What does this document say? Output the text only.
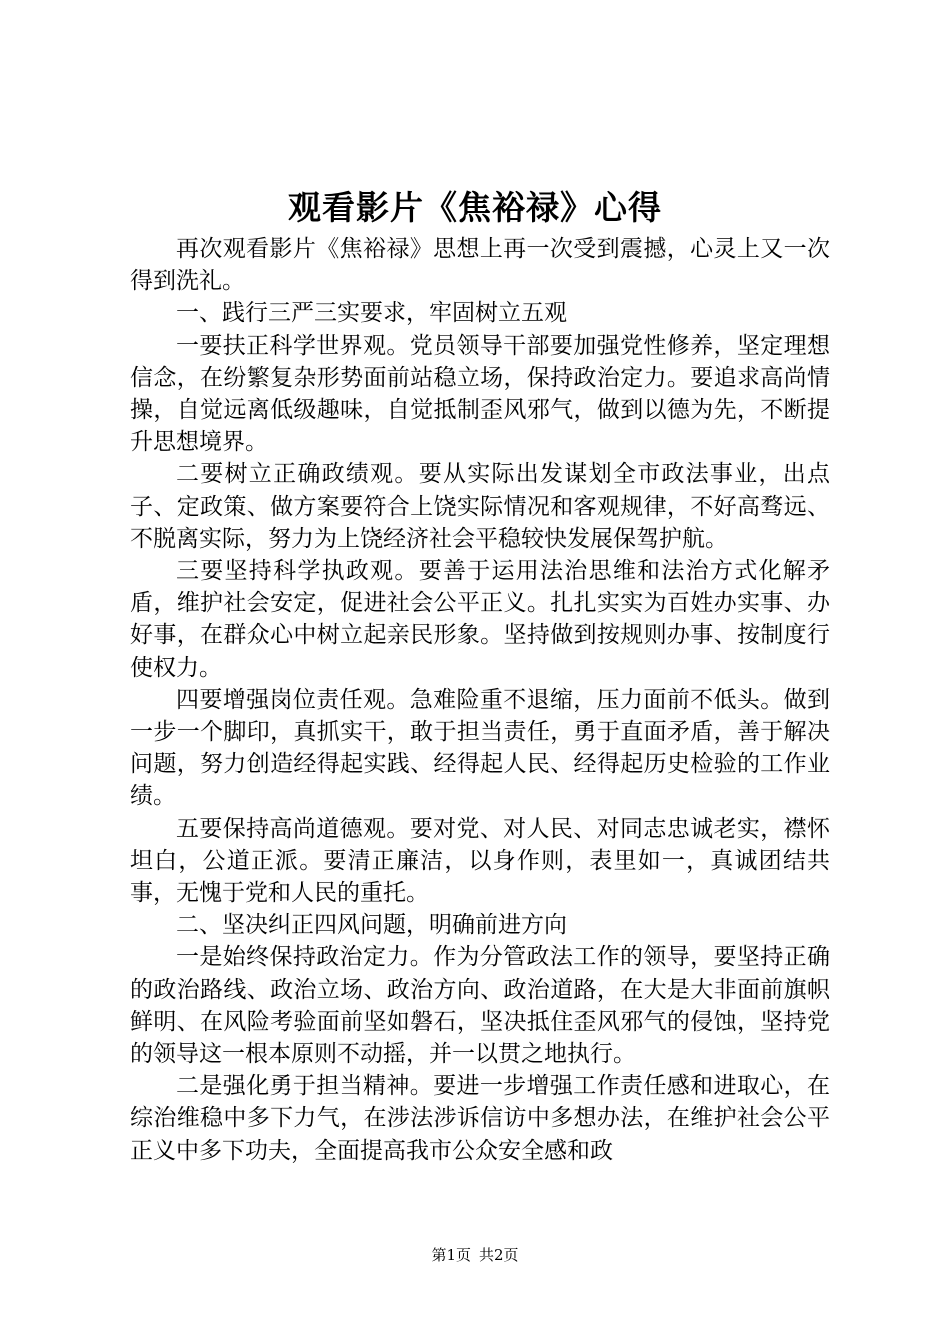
观看影片《焦裕禄》心得

再次观看影片《焦裕禄》思想上再一次受到震撼，心灵上又一次得到洗礼。

一、践行三严三实要求，牢固树立五观

一要扶正科学世界观。党员领导干部要加强党性修养，坚定理想信念，在纷繁复杂形势面前站稳立场，保持政治定力。要追求高尚情操，自觉远离低级趣味，自觉抵制歪风邪气，做到以德为先，不断提升思想境界。

二要树立正确政绩观。要从实际出发谋划全市政法事业，出点子、定政策、做方案要符合上饶实际情况和客观规律，不好高骛远、不脱离实际，努力为上饶经济社会平稳较快发展保驾护航。

三要坚持科学执政观。要善于运用法治思维和法治方式化解矛盾，维护社会安定，促进社会公平正义。扎扎实实为百姓办实事、办好事，在群众心中树立起亲民形象。坚持做到按规则办事、按制度行使权力。

四要增强岗位责任观。急难险重不退缩，压力面前不低头。做到一步一个脚印，真抓实干，敢于担当责任，勇于直面矛盾，善于解决问题，努力创造经得起实践、经得起人民、经得起历史检验的工作业绩。

五要保持高尚道德观。要对党、对人民、对同志忠诚老实，襟怀坦白，公道正派。要清正廉洁，以身作则，表里如一，真诚团结共事，无愧于党和人民的重托。

二、坚决纠正四风问题，明确前进方向

一是始终保持政治定力。作为分管政法工作的领导，要坚持正确的政治路线、政治立场、政治方向、政治道路，在大是大非面前旗帜鲜明、在风险考验面前坚如磐石，坚决抵住歪风邪气的侵蚀，坚持党的领导这一根本原则不动摇，并一以贯之地执行。

二是强化勇于担当精神。要进一步增强工作责任感和进取心，在综治维稳中多下力气，在涉法涉诉信访中多想办法，在维护社会公平正义中多下功夫，全面提高我市公众安全感和政

第1页 共2页
